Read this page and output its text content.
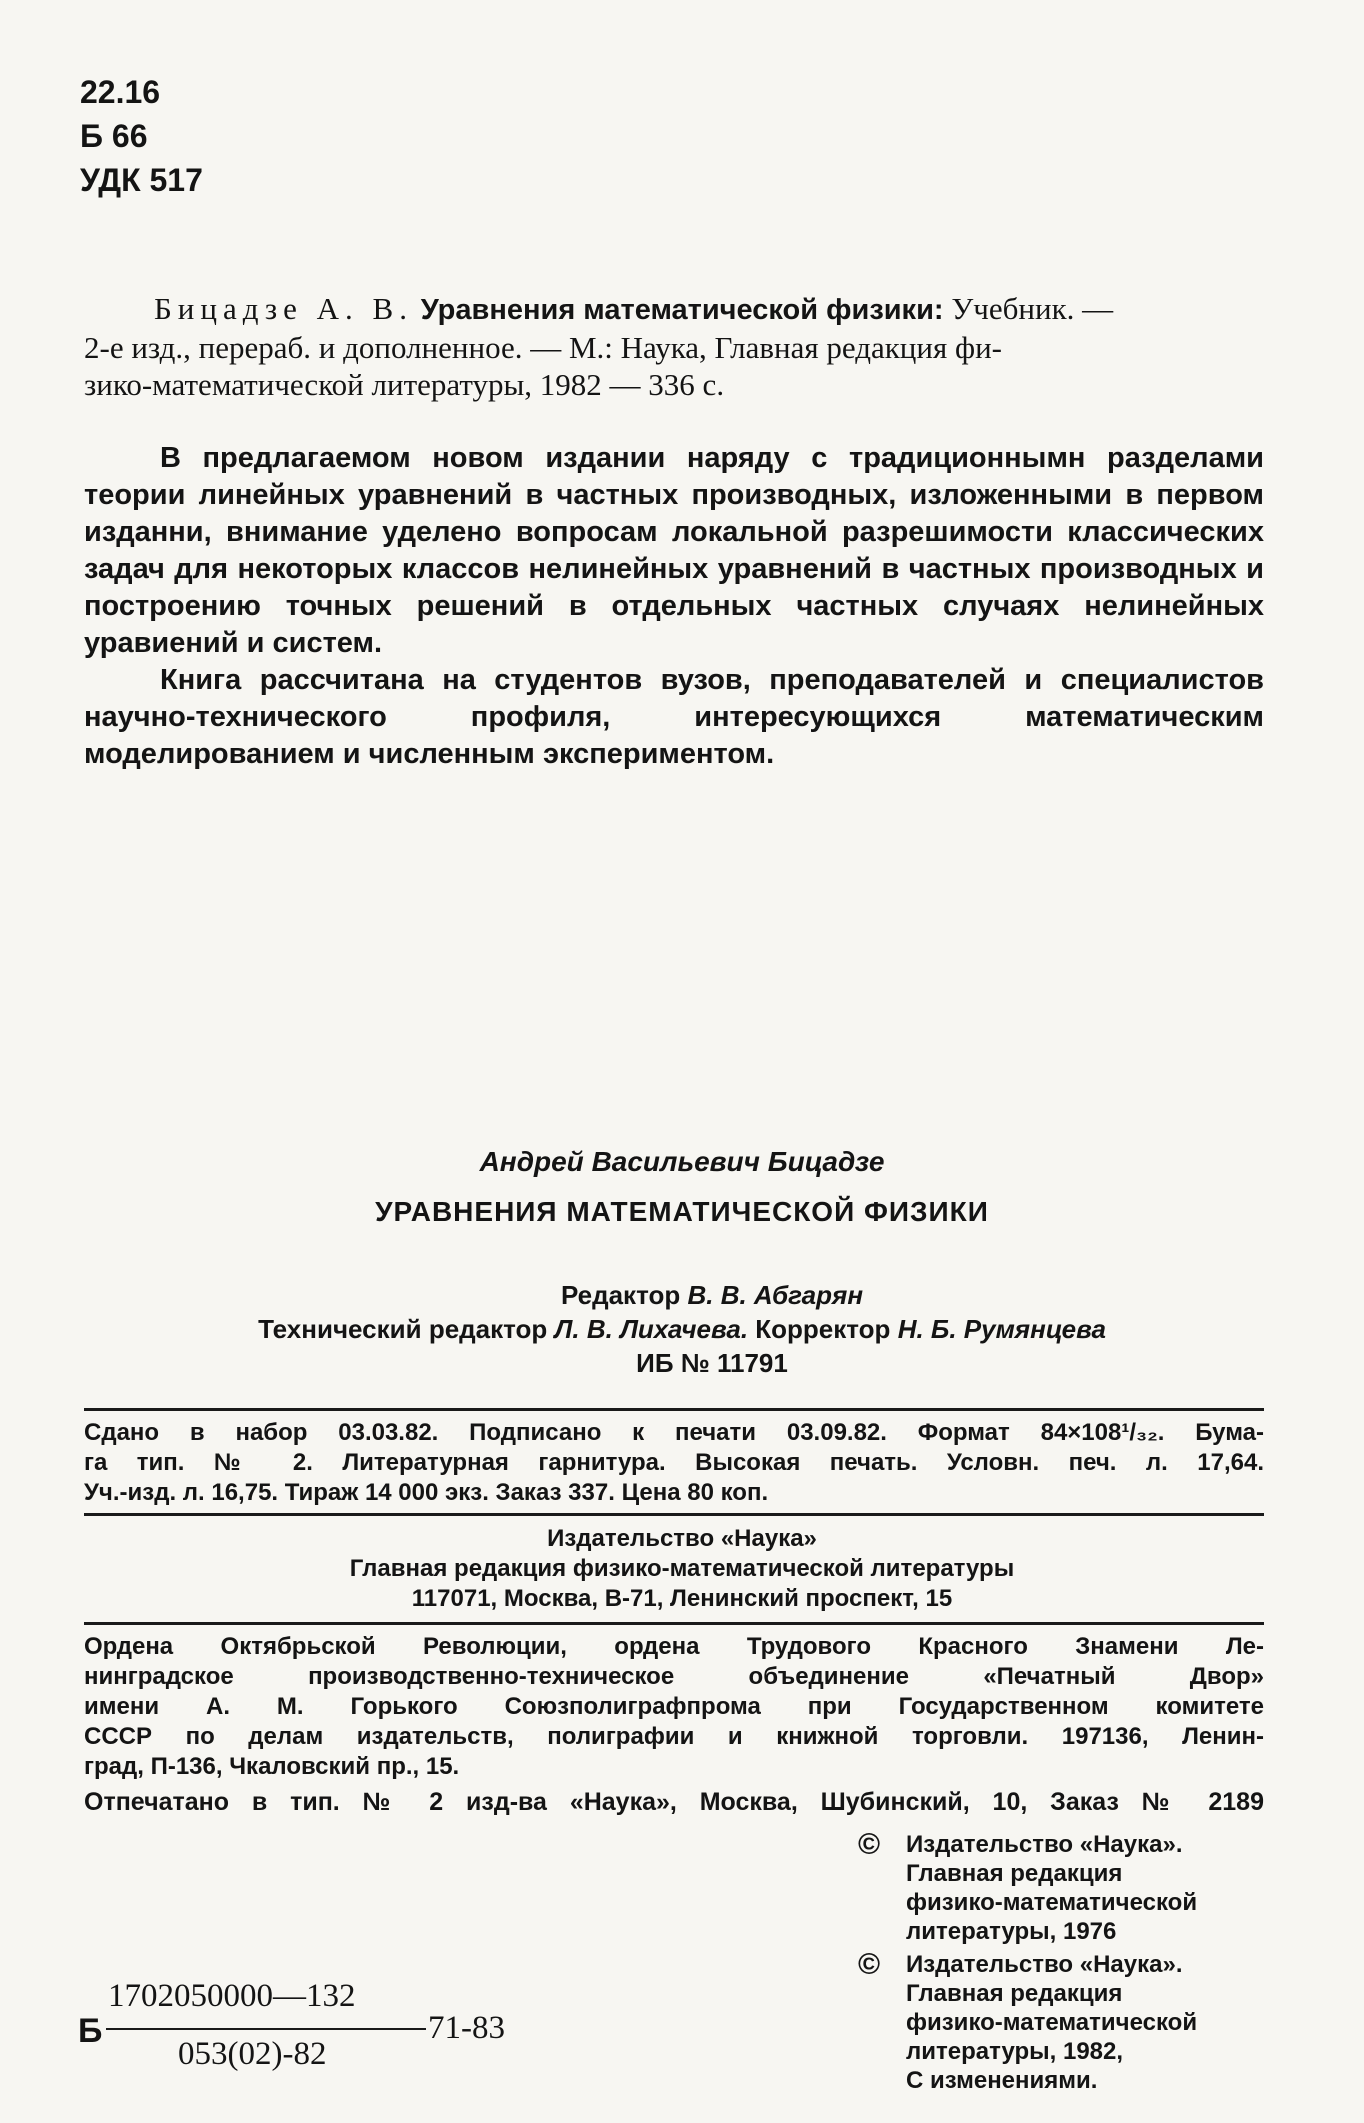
22.16
Б 66
УДК 517
Бицадзе А. В. Уравнения математической физики: Учебник. —
2-е изд., перераб. и дополненное. — М.: Наука, Главная редакция фи-
зико-математической литературы, 1982 — 336 с.

В предлагаемом новом издании наряду с традиционнымн разделами теории линейных уравнений в частных производных, изложенными в первом изданни, внимание уделено вопросам локальной разрешимости классических задач для некоторых классов нелинейных уравнений в частных производных и построению точных решений в отдельных частных случаях нелинейных уравиений и систем.

Книга рассчитана на студентов вузов, преподавателей и специалистов научно-технического профиля, интересующихся математическим моделированием и численным экспериментом.

Андрей Васильевич Бицадзе
УРАВНЕНИЯ МАТЕМАТИЧЕСКОЙ ФИЗИКИ
Редактор В. В. Абгарян
Технический редактор Л. В. Лихачева. Корректор Н. Б. Румянцева
ИБ № 11791
Сдано в набор 03.03.82. Подписано к печати 03.09.82. Формат 84×108¹/₃₂. Бума-
га тип. № 2. Литературная гарнитура. Высокая печать. Условн. печ. л. 17,64.
Уч.-изд. л. 16,75. Тираж 14 000 экз. Заказ 337. Цена 80 коп.
Издательство «Наука»
Главная редакция физико-математической литературы
117071, Москва, В-71, Ленинский проспект, 15
Ордена Октябрьской Революции, ордена Трудового Красного Знамени Ле-
нинградское производственно-техническое объединение «Печатный Двор»
имени А. М. Горького Союзполиграфпрома при Государственном комитете
СССР по делам издательств, полиграфии и книжной торговли. 197136, Ленин-
град, П-136, Чкаловский пр., 15.
Отпечатано в тип. № 2 изд-ва «Наука», Москва, Шубинский, 10, Заказ № 2189
©	Издательство «Наука».
Главная редакция
физико-математической
литературы, 1976
©	Издательство «Наука».
Главная редакция
физико-математической
литературы, 1982,
С изменениями.
Б
1702050000—132
053(02)-82
71-83
